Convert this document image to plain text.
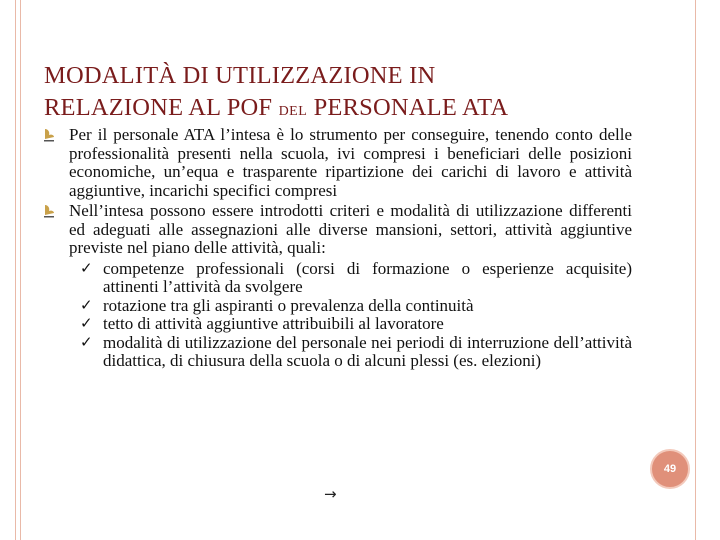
MODALITÀ DI UTILIZZAZIONE IN
RELAZIONE AL POF DEL PERSONALE ATA
Per il personale ATA l’intesa è lo strumento per conseguire, tenendo conto delle professionalità presenti nella scuola, ivi compresi i beneficiari delle posizioni economiche, un’equa e trasparente ripartizione dei carichi di lavoro e attività aggiuntive, incarichi specifici compresi
Nell’intesa possono essere introdotti criteri e modalità di utilizzazione differenti ed adeguati alle assegnazioni alle diverse mansioni, settori, attività aggiuntive previste nel piano delle attività, quali:
✓ competenze professionali (corsi di formazione o esperienze acquisite) attinenti l’attività da svolgere
✓ rotazione tra gli aspiranti o prevalenza della continuità
✓ tetto di attività aggiuntive attribuibili al lavoratore
✓ modalità di utilizzazione del personale nei periodi di interruzione dell’attività didattica, di chiusura della scuola o di alcuni plessi (es. elezioni)
→
49
